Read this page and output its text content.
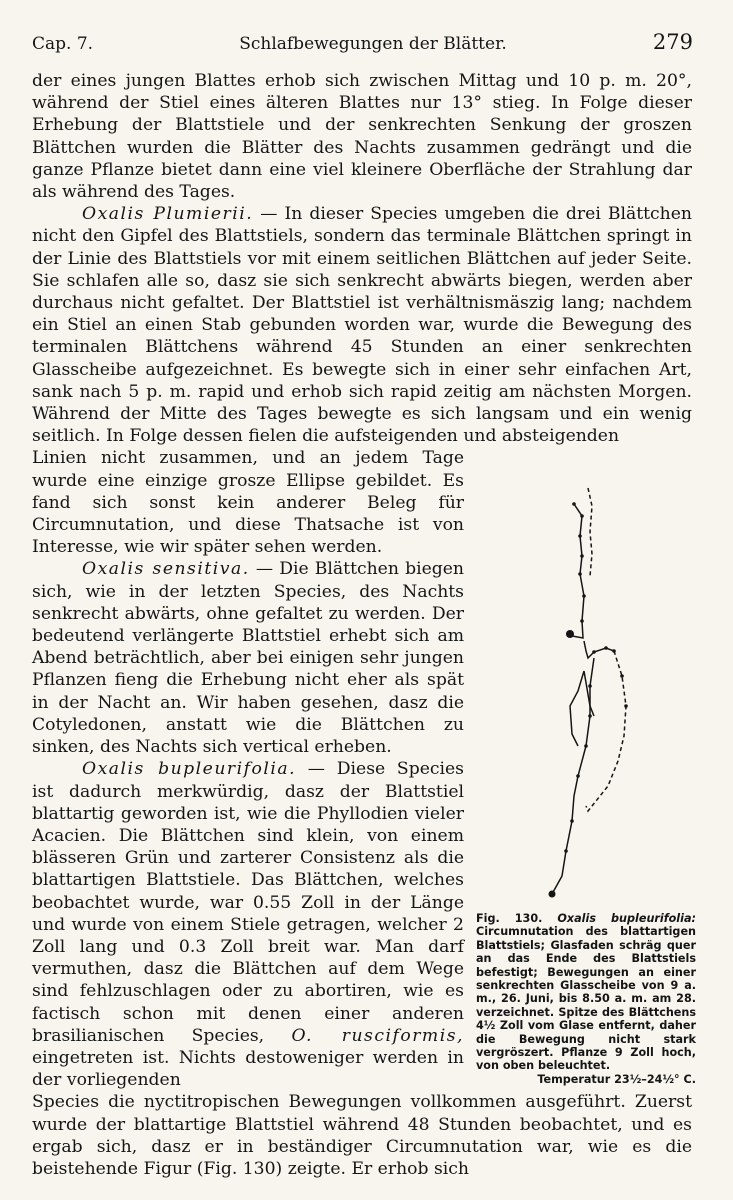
Cap. 7.	Schlafbewegungen der Blätter.	279

der eines jungen Blattes erhob sich zwischen Mittag und 10 p. m. 20°, während der Stiel eines älteren Blattes nur 13° stieg. In Folge dieser Erhebung der Blattstiele und der senkrechten Senkung der groszen Blättchen wurden die Blätter des Nachts zusammen gedrängt und die ganze Pflanze bietet dann eine viel kleinere Oberfläche der Strahlung dar als während des Tages.

Oxalis Plumierii. — In dieser Species umgeben die drei Blättchen nicht den Gipfel des Blattstiels, sondern das terminale Blättchen springt in der Linie des Blattstiels vor mit einem seitlichen Blättchen auf jeder Seite. Sie schlafen alle so, dasz sie sich senkrecht abwärts biegen, werden aber durchaus nicht gefaltet. Der Blattstiel ist verhältnismäszig lang; nachdem ein Stiel an einen Stab gebunden worden war, wurde die Bewegung des terminalen Blättchens während 45 Stunden an einer senkrechten Glasscheibe aufgezeichnet. Es bewegte sich in einer sehr einfachen Art, sank nach 5 p. m. rapid und erhob sich rapid zeitig am nächsten Morgen. Während der Mitte des Tages bewegte es sich langsam und ein wenig seitlich. In Folge dessen fielen die aufsteigenden und absteigenden

Linien nicht zusammen, und an jedem Tage wurde eine einzige grosze Ellipse gebildet. Es fand sich sonst kein anderer Beleg für Circumnutation, und diese Thatsache ist von Interesse, wie wir später sehen werden.

Oxalis sensitiva. — Die Blättchen biegen sich, wie in der letzten Species, des Nachts senkrecht abwärts, ohne gefaltet zu werden. Der bedeutend verlängerte Blattstiel erhebt sich am Abend beträchtlich, aber bei einigen sehr jungen Pflanzen fieng die Erhebung nicht eher als spät in der Nacht an. Wir haben gesehen, dasz die Cotyledonen, anstatt wie die Blättchen zu sinken, des Nachts sich vertical erheben.

Oxalis bupleurifolia. — Diese Species ist dadurch merkwürdig, dasz der Blattstiel blattartig geworden ist, wie die Phyllodien vieler Acacien. Die Blättchen sind klein, von einem blässeren Grün und zarterer Consistenz als die blattartigen Blattstiele. Das Blättchen, welches beobachtet wurde, war 0.55 Zoll in der Länge und wurde von einem Stiele getragen, welcher 2 Zoll lang und 0.3 Zoll breit war. Man darf vermuthen, dasz die Blättchen auf dem Wege sind fehlzuschlagen oder zu abortiren, wie es factisch schon mit denen einer anderen brasilianischen Species, O. rusciformis, eingetreten ist. Nichts destoweniger werden in der vorliegenden

Species die nyctitropischen Bewegungen vollkommen ausgeführt. Zuerst wurde der blattartige Blattstiel während 48 Stunden beobachtet, und es ergab sich, dasz er in beständiger Circumnutation war, wie es die beistehende Figur (Fig. 130) zeigte. Er erhob sich

Fig. 130. Oxalis bupleurifolia: Circumnutation des blattartigen Blattstiels; Glasfaden schräg quer an das Ende des Blattstiels befestigt; Bewegungen an einer senkrechten Glasscheibe von 9 a. m., 26. Juni, bis 8.50 a. m. am 28. verzeichnet. Spitze des Blättchens 4½ Zoll vom Glase entfernt, daher die Bewegung nicht stark vergröszert. Pflanze 9 Zoll hoch, von oben beleuchtet.
Temperatur 23½–24½° C.
